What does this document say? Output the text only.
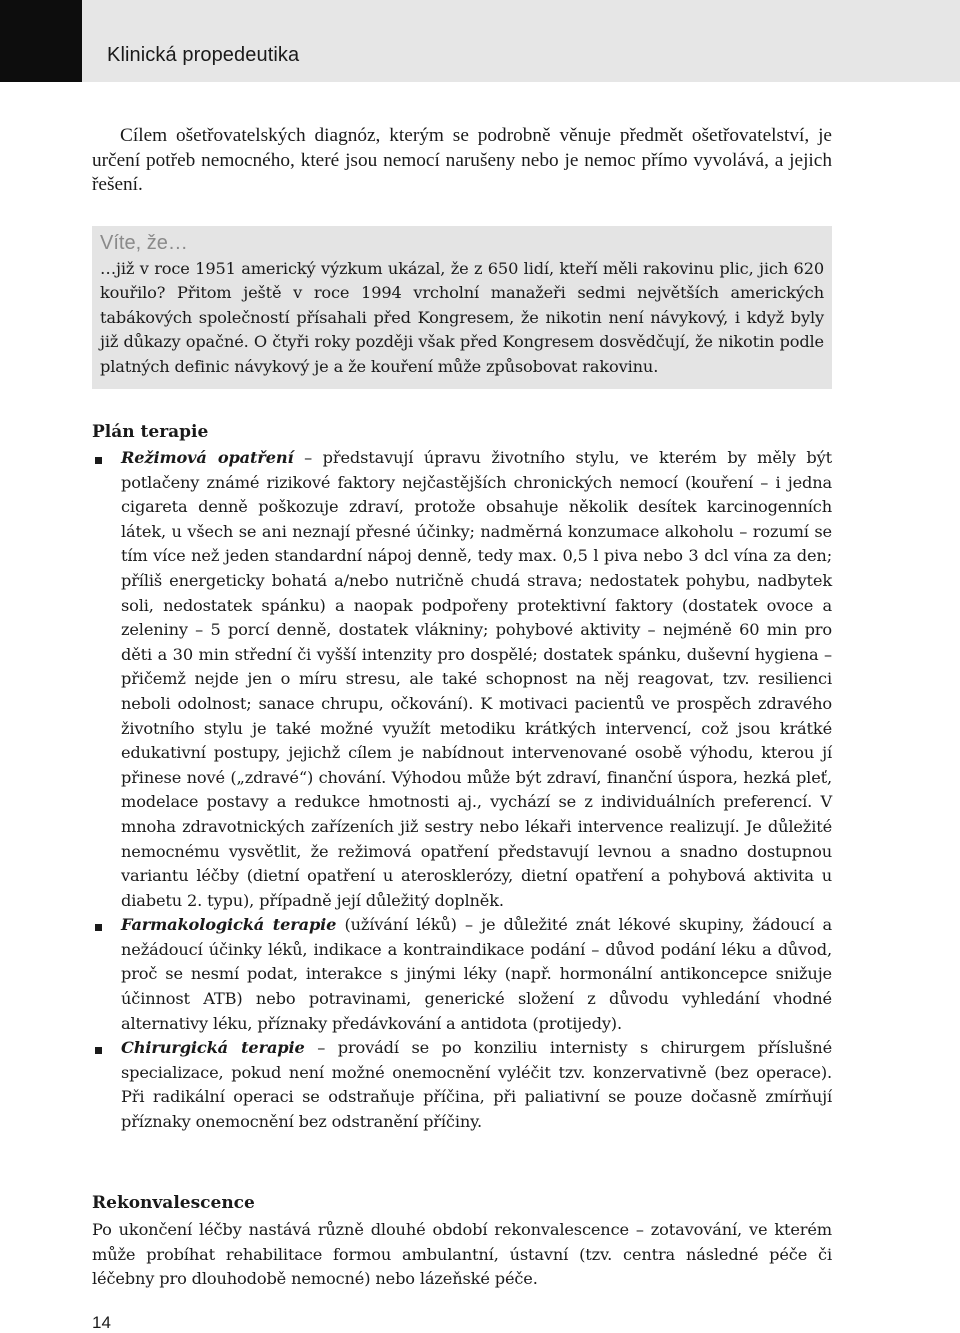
Klinická propedeutika

Cílem ošetřovatelských diagnóz, kterým se podrobně věnuje předmět ošetřovatelství, je určení potřeb nemocného, které jsou nemocí narušeny nebo je nemoc přímo vyvolává, a jejich řešení.

Víte, že…

…již v roce 1951 americký výzkum ukázal, že z 650 lidí, kteří měli rakovinu plic, jich 620 kouřilo? Přitom ještě v roce 1994 vrcholní manažeři sedmi největších amerických tabákových společností přísahali před Kongresem, že nikotin není návykový, i když byly již důkazy opačné. O čtyři roky později však před Kongresem dosvědčují, že nikotin podle platných definic návykový je a že kouření může způsobovat rakovinu.

Plán terapie
Režimová opatření – představují úpravu životního stylu, ve kterém by měly být potlačeny známé rizikové faktory nejčastějších chronických nemocí (kouření – i jedna cigareta denně poškozuje zdraví, protože obsahuje několik desítek karcinogenních látek, u všech se ani neznají přesné účinky; nadměrná konzumace alkoholu – rozumí se tím více než jeden standardní nápoj denně, tedy max. 0,5 l piva nebo 3 dcl vína za den; příliš energeticky bohatá a/nebo nutričně chudá strava; nedostatek pohybu, nadbytek soli, nedostatek spánku) a naopak podpořeny protektivní faktory (dostatek ovoce a zeleniny – 5 porcí denně, dostatek vlákniny; pohybové aktivity – nejméně 60 min pro děti a 30 min střední či vyšší intenzity pro dospělé; dostatek spánku, duševní hygiena – přičemž nejde jen o míru stresu, ale také schopnost na něj reagovat, tzv. resilienci neboli odolnost; sanace chrupu, očkování). K motivaci pacientů ve prospěch zdravého životního stylu je také možné využít metodiku krátkých intervencí, což jsou krátké edukativní postupy, jejichž cílem je nabídnout intervenované osobě výhodu, kterou jí přinese nové („zdravé“) chování. Výhodou může být zdraví, finanční úspora, hezká pleť, modelace postavy a redukce hmotnosti aj., vychází se z individuálních preferencí. V mnoha zdravotnických zařízeních již sestry nebo lékaři intervence realizují. Je důležité nemocnému vysvětlit, že režimová opatření představují levnou a snadno dostupnou variantu léčby (dietní opatření u aterosklerózy, dietní opatření a pohybová aktivita u diabetu 2. typu), případně její důležitý doplněk.
Farmakologická terapie (užívání léků) – je důležité znát lékové skupiny, žádoucí a nežádoucí účinky léků, indikace a kontraindikace podání – důvod podání léku a důvod, proč se nesmí podat, interakce s jinými léky (např. hormonální antikoncepce snižuje účinnost ATB) nebo potravinami, generické složení z důvodu vyhledání vhodné alternativy léku, příznaky předávkování a antidota (protijedy).
Chirurgická terapie – provádí se po konziliu internisty s chirurgem příslušné specializace, pokud není možné onemocnění vyléčit tzv. konzervativně (bez operace). Při radikální operaci se odstraňuje příčina, při paliativní se pouze dočasně zmírňují příznaky onemocnění bez odstranění příčiny.
Rekonvalescence

Po ukončení léčby nastává různě dlouhé období rekonvalescence – zotavování, ve kterém může probíhat rehabilitace formou ambulantní, ústavní (tzv. centra následné péče či léčebny pro dlouhodobě nemocné) nebo lázeňské péče.

14
